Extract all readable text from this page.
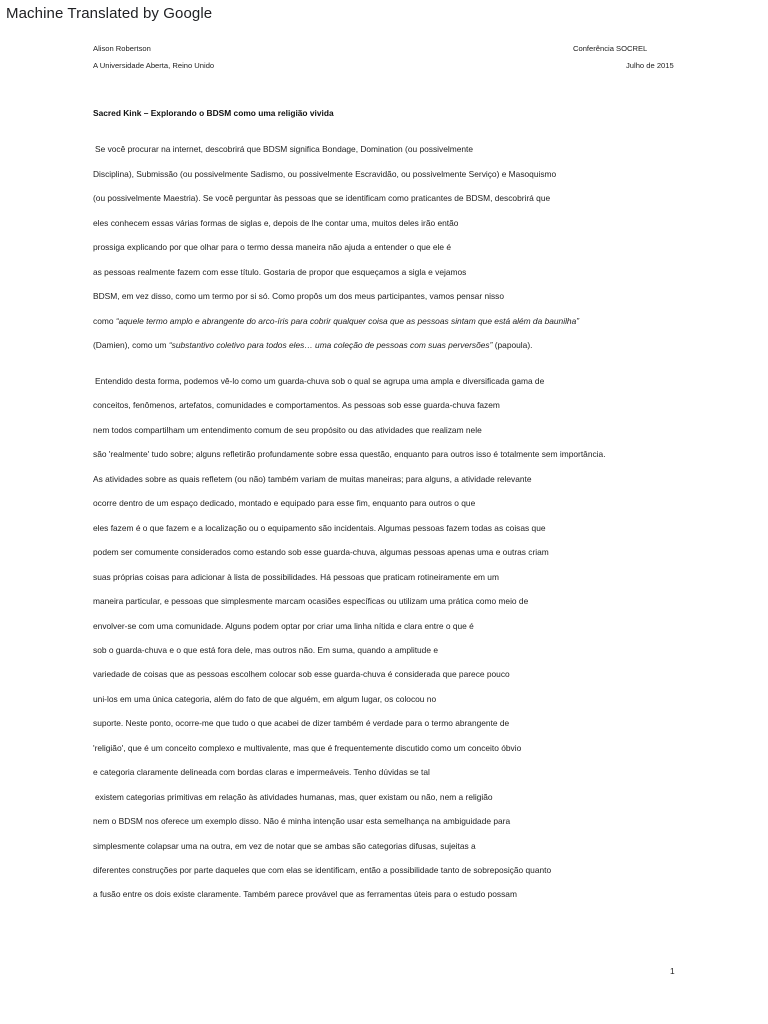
Machine Translated by Google
Alison Robertson
A Universidade Aberta, Reino Unido
Conferência SOCREL
Julho de 2015
Sacred Kink – Explorando o BDSM como uma religião vivida
Se você procurar na internet, descobrirá que BDSM significa Bondage, Domination (ou possivelmente
Disciplina), Submissão (ou possivelmente Sadismo, ou possivelmente Escravidão, ou possivelmente Serviço) e Masoquismo
(ou possivelmente Maestria). Se você perguntar às pessoas que se identificam como praticantes de BDSM, descobrirá que
eles conhecem essas várias formas de siglas e, depois de lhe contar uma, muitos deles irão então
prossiga explicando por que olhar para o termo dessa maneira não ajuda a entender o que ele é
as pessoas realmente fazem com esse título. Gostaria de propor que esqueçamos a sigla e vejamos
BDSM, em vez disso, como um termo por si só. Como propôs um dos meus participantes, vamos pensar nisso
como “aquele termo amplo e abrangente do arco-íris para cobrir qualquer coisa que as pessoas sintam que está além da baunilha”
(Damien), como um “substantivo coletivo para todos eles… uma coleção de pessoas com suas perversões” (papoula).
Entendido desta forma, podemos vê-lo como um guarda-chuva sob o qual se agrupa uma ampla e diversificada gama de
conceitos, fenômenos, artefatos, comunidades e comportamentos. As pessoas sob esse guarda-chuva fazem
nem todos compartilham um entendimento comum de seu propósito ou das atividades que realizam nele
são 'realmente' tudo sobre; alguns refletirão profundamente sobre essa questão, enquanto para outros isso é totalmente sem importância.
As atividades sobre as quais refletem (ou não) também variam de muitas maneiras; para alguns, a atividade relevante
ocorre dentro de um espaço dedicado, montado e equipado para esse fim, enquanto para outros o que
eles fazem é o que fazem e a localização ou o equipamento são incidentais. Algumas pessoas fazem todas as coisas que
podem ser comumente considerados como estando sob esse guarda-chuva, algumas pessoas apenas uma e outras criam
suas próprias coisas para adicionar à lista de possibilidades. Há pessoas que praticam rotineiramente em um
maneira particular, e pessoas que simplesmente marcam ocasiões específicas ou utilizam uma prática como meio de
envolver-se com uma comunidade. Alguns podem optar por criar uma linha nítida e clara entre o que é
sob o guarda-chuva e o que está fora dele, mas outros não. Em suma, quando a amplitude e
variedade de coisas que as pessoas escolhem colocar sob esse guarda-chuva é considerada que parece pouco
uni-los em uma única categoria, além do fato de que alguém, em algum lugar, os colocou no
suporte. Neste ponto, ocorre-me que tudo o que acabei de dizer também é verdade para o termo abrangente de
'religião', que é um conceito complexo e multivalente, mas que é frequentemente discutido como um conceito óbvio
e categoria claramente delineada com bordas claras e impermeáveis. Tenho dúvidas se tal
existem categorias primitivas em relação às atividades humanas, mas, quer existam ou não, nem a religião
nem o BDSM nos oferece um exemplo disso. Não é minha intenção usar esta semelhança na ambiguidade para
simplesmente colapsar uma na outra, em vez de notar que se ambas são categorias difusas, sujeitas a
diferentes construções por parte daqueles que com elas se identificam, então a possibilidade tanto de sobreposição quanto
a fusão entre os dois existe claramente. Também parece provável que as ferramentas úteis para o estudo possam
1
